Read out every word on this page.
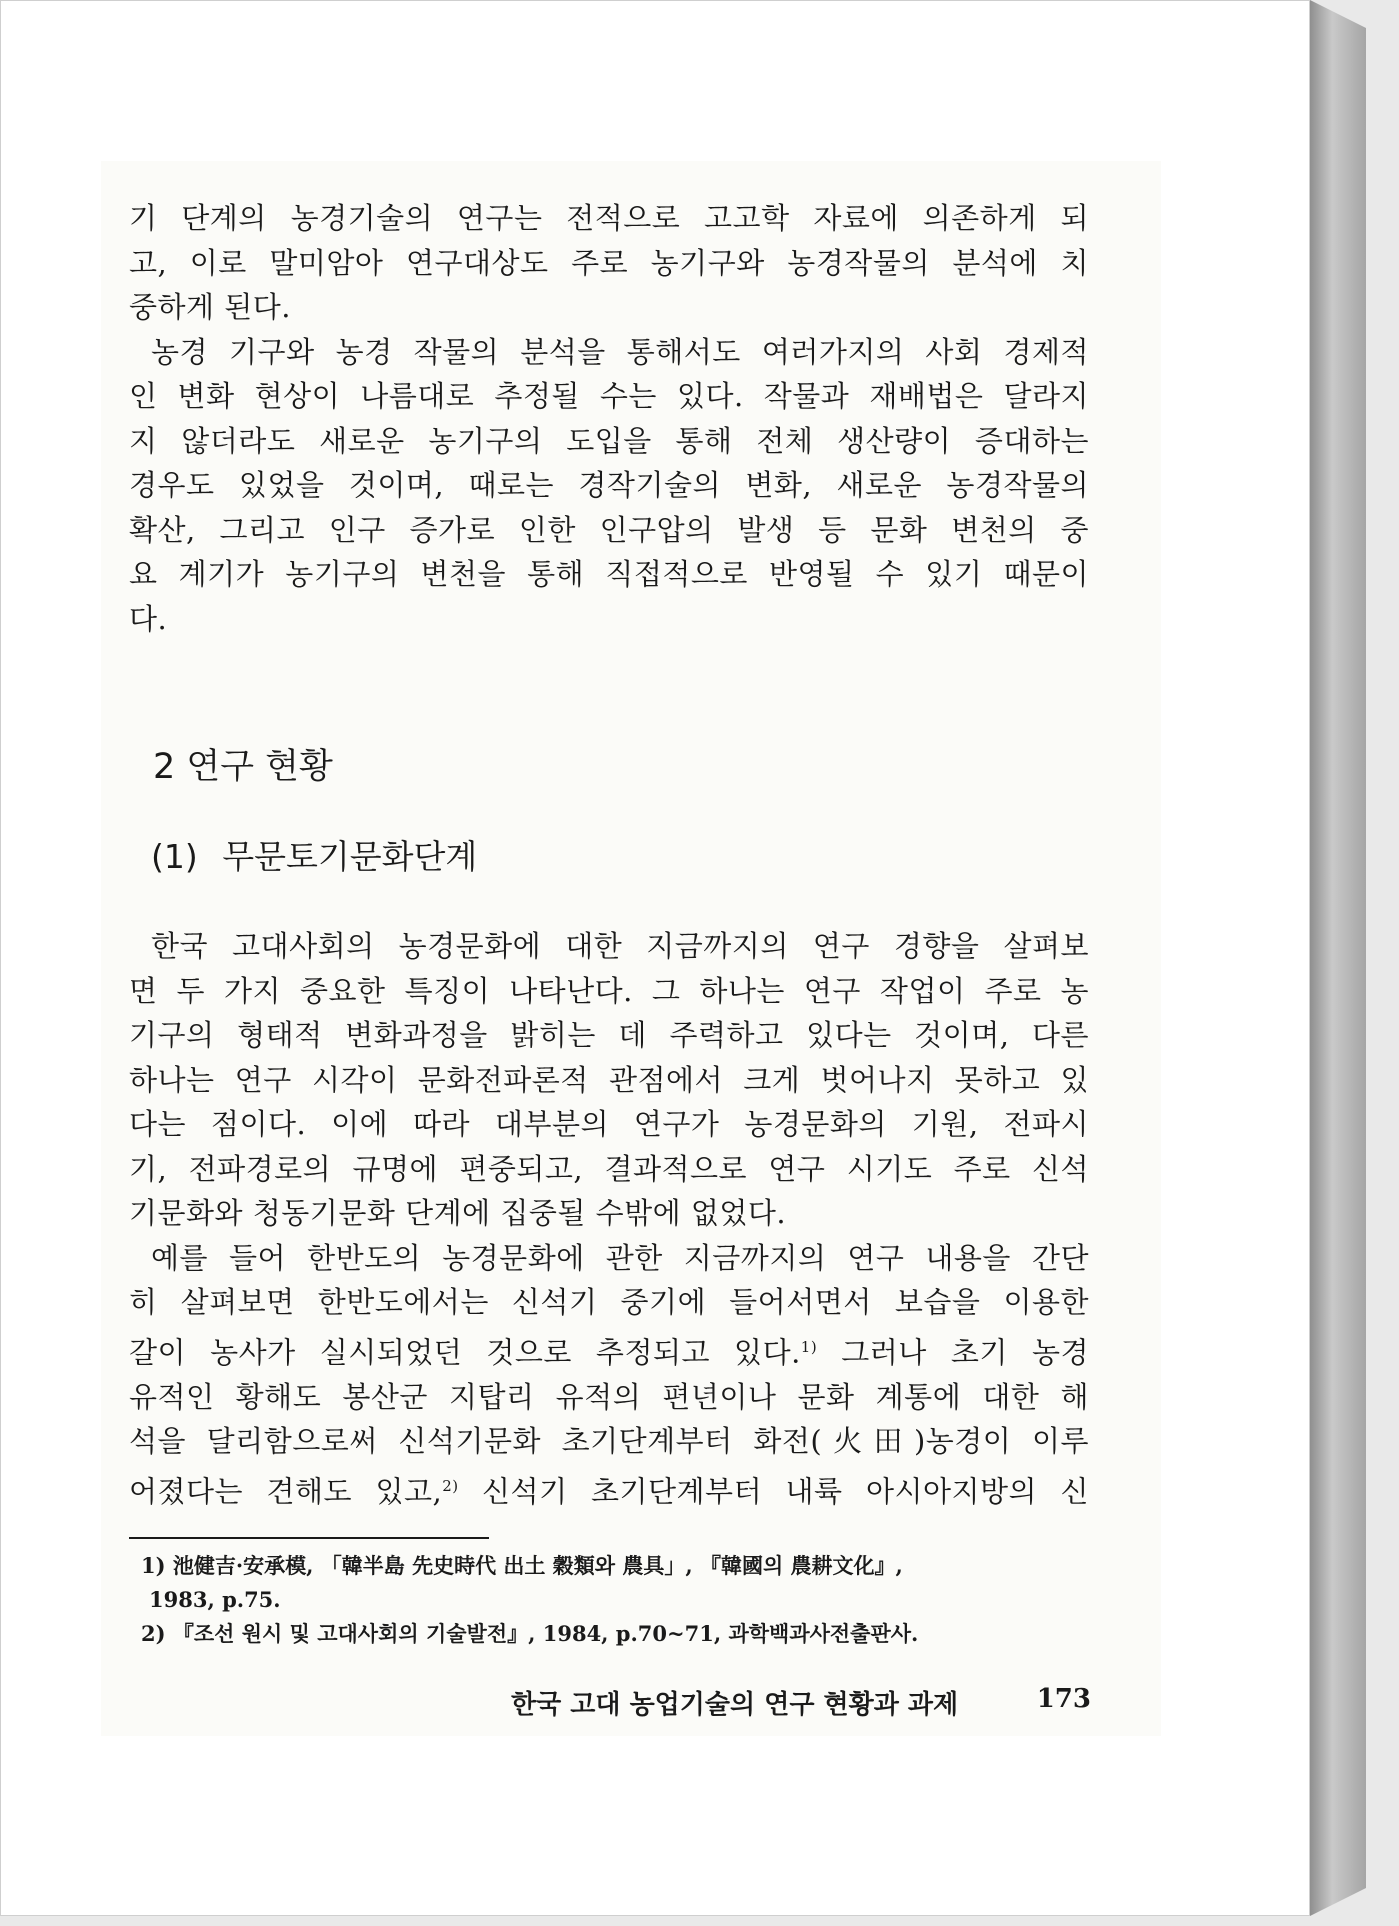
기 단계의 농경기술의 연구는 전적으로 고고학 자료에 의존하게 되
고, 이로 말미암아 연구대상도 주로 농기구와 농경작물의 분석에 치
중하게 된다.

농경 기구와 농경 작물의 분석을 통해서도 여러가지의 사회 경제적
인 변화 현상이 나름대로 추정될 수는 있다. 작물과 재배법은 달라지
지 않더라도 새로운 농기구의 도입을 통해 전체 생산량이 증대하는
경우도 있었을 것이며, 때로는 경작기술의 변화, 새로운 농경작물의
확산, 그리고 인구 증가로 인한 인구압의 발생 등 문화 변천의 중
요 계기가 농기구의 변천을 통해 직접적으로 반영될 수 있기 때문이
다.

2 연구 현황
(1) 무문토기문화단계

한국 고대사회의 농경문화에 대한 지금까지의 연구 경향을 살펴보
면 두 가지 중요한 특징이 나타난다. 그 하나는 연구 작업이 주로 농
기구의 형태적 변화과정을 밝히는 데 주력하고 있다는 것이며, 다른
하나는 연구 시각이 문화전파론적 관점에서 크게 벗어나지 못하고 있
다는 점이다. 이에 따라 대부분의 연구가 농경문화의 기원, 전파시
기, 전파경로의 규명에 편중되고, 결과적으로 연구 시기도 주로 신석
기문화와 청동기문화 단계에 집중될 수밖에 없었다.

예를 들어 한반도의 농경문화에 관한 지금까지의 연구 내용을 간단
히 살펴보면 한반도에서는 신석기 중기에 들어서면서 보습을 이용한
갈이 농사가 실시되었던 것으로 추정되고 있다.$^{1)}$ 그러나 초기 농경
유적인 황해도 봉산군 지탑리 유적의 편년이나 문화 계통에 대한 해
석을 달리함으로써 신석기문화 초기단계부터 화전(火田)농경이 이루
어졌다는 견해도 있고,$^{2)}$ 신석기 초기단계부터 내륙 아시아지방의 신

1) 池健吉·安承模, 「韓半島 先史時代 出土 穀類와 農具」, 『韓國의 農耕文化』,

1983, p.75.

2) 『조선 원시 및 고대사회의 기술발전』, 1984, p.70~71, 과학백과사전출판사.

한국 고대 농업기술의 연구 현황과 과제	173
